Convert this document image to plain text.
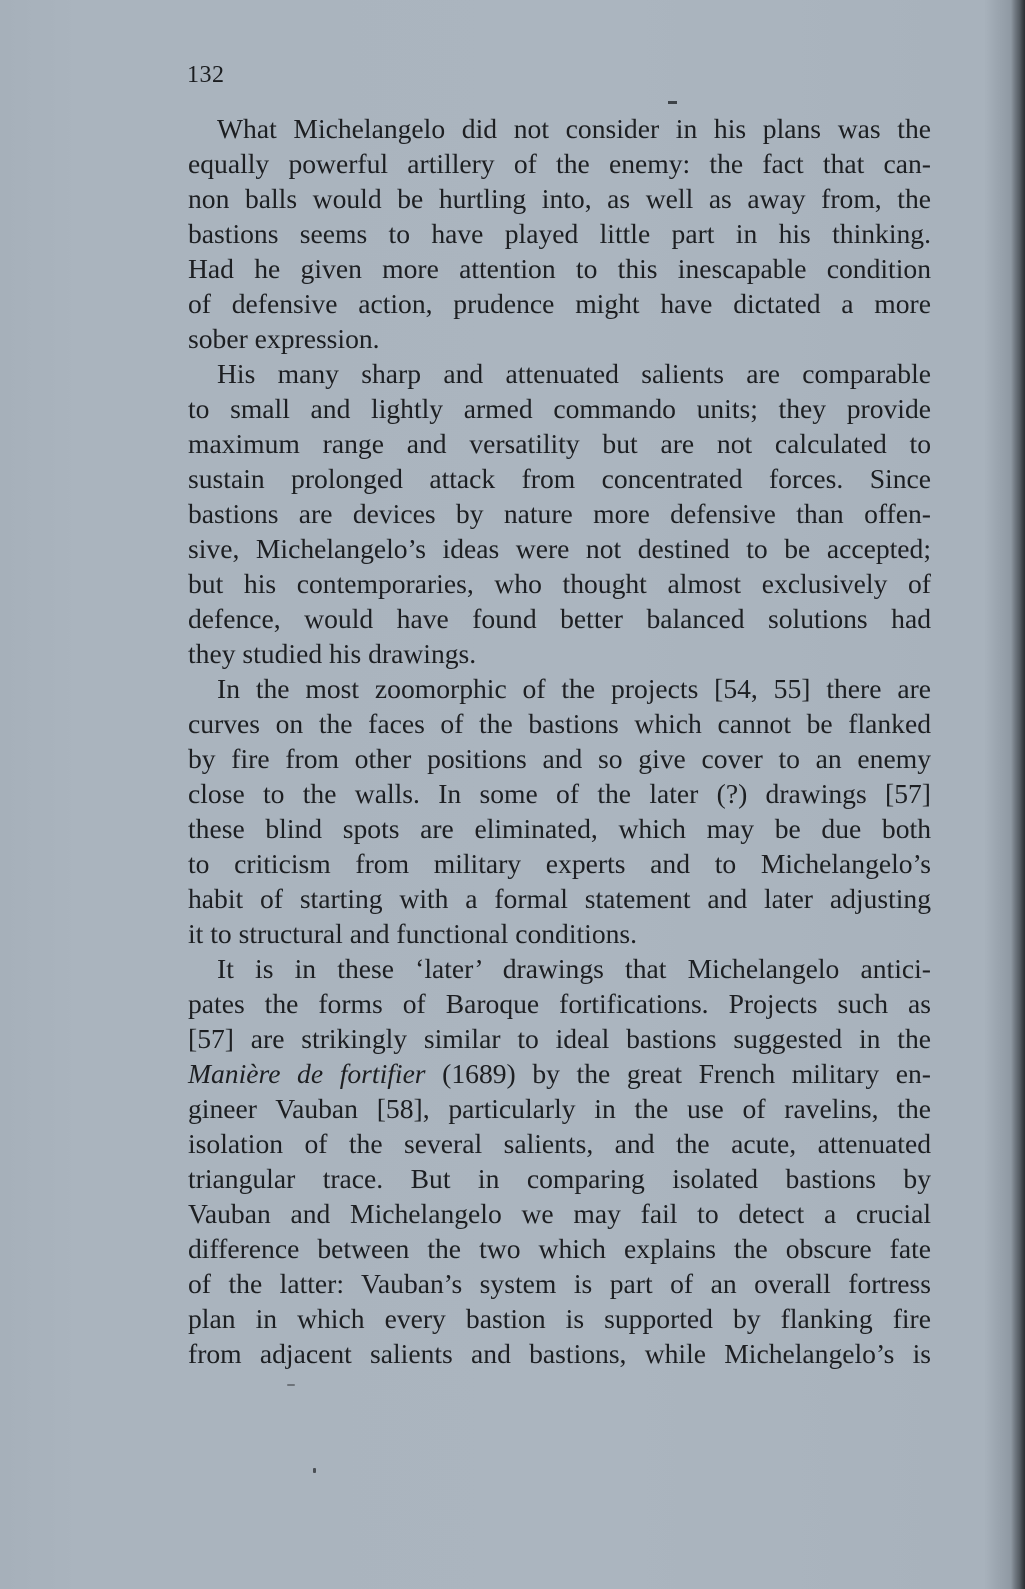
132
What Michelangelo did not consider in his plans was the
equally powerful artillery of the enemy: the fact that can-
non balls would be hurtling into, as well as away from, the
bastions seems to have played little part in his thinking.
Had he given more attention to this inescapable condition
of defensive action, prudence might have dictated a more
sober expression.
His many sharp and attenuated salients are comparable
to small and lightly armed commando units; they provide
maximum range and versatility but are not calculated to
sustain prolonged attack from concentrated forces. Since
bastions are devices by nature more defensive than offen-
sive, Michelangelo’s ideas were not destined to be accepted;
but his contemporaries, who thought almost exclusively of
defence, would have found better balanced solutions had
they studied his drawings.
In the most zoomorphic of the projects [54, 55] there are
curves on the faces of the bastions which cannot be flanked
by fire from other positions and so give cover to an enemy
close to the walls. In some of the later (?) drawings [57]
these blind spots are eliminated, which may be due both
to criticism from military experts and to Michelangelo’s
habit of starting with a formal statement and later adjusting
it to structural and functional conditions.
It is in these ‘later’ drawings that Michelangelo antici-
pates the forms of Baroque fortifications. Projects such as
[57] are strikingly similar to ideal bastions suggested in the
Manière de fortifier (1689) by the great French military en-
gineer Vauban [58], particularly in the use of ravelins, the
isolation of the several salients, and the acute, attenuated
triangular trace. But in comparing isolated bastions by
Vauban and Michelangelo we may fail to detect a crucial
difference between the two which explains the obscure fate
of the latter: Vauban’s system is part of an overall fortress
plan in which every bastion is supported by flanking fire
from adjacent salients and bastions, while Michelangelo’s is
